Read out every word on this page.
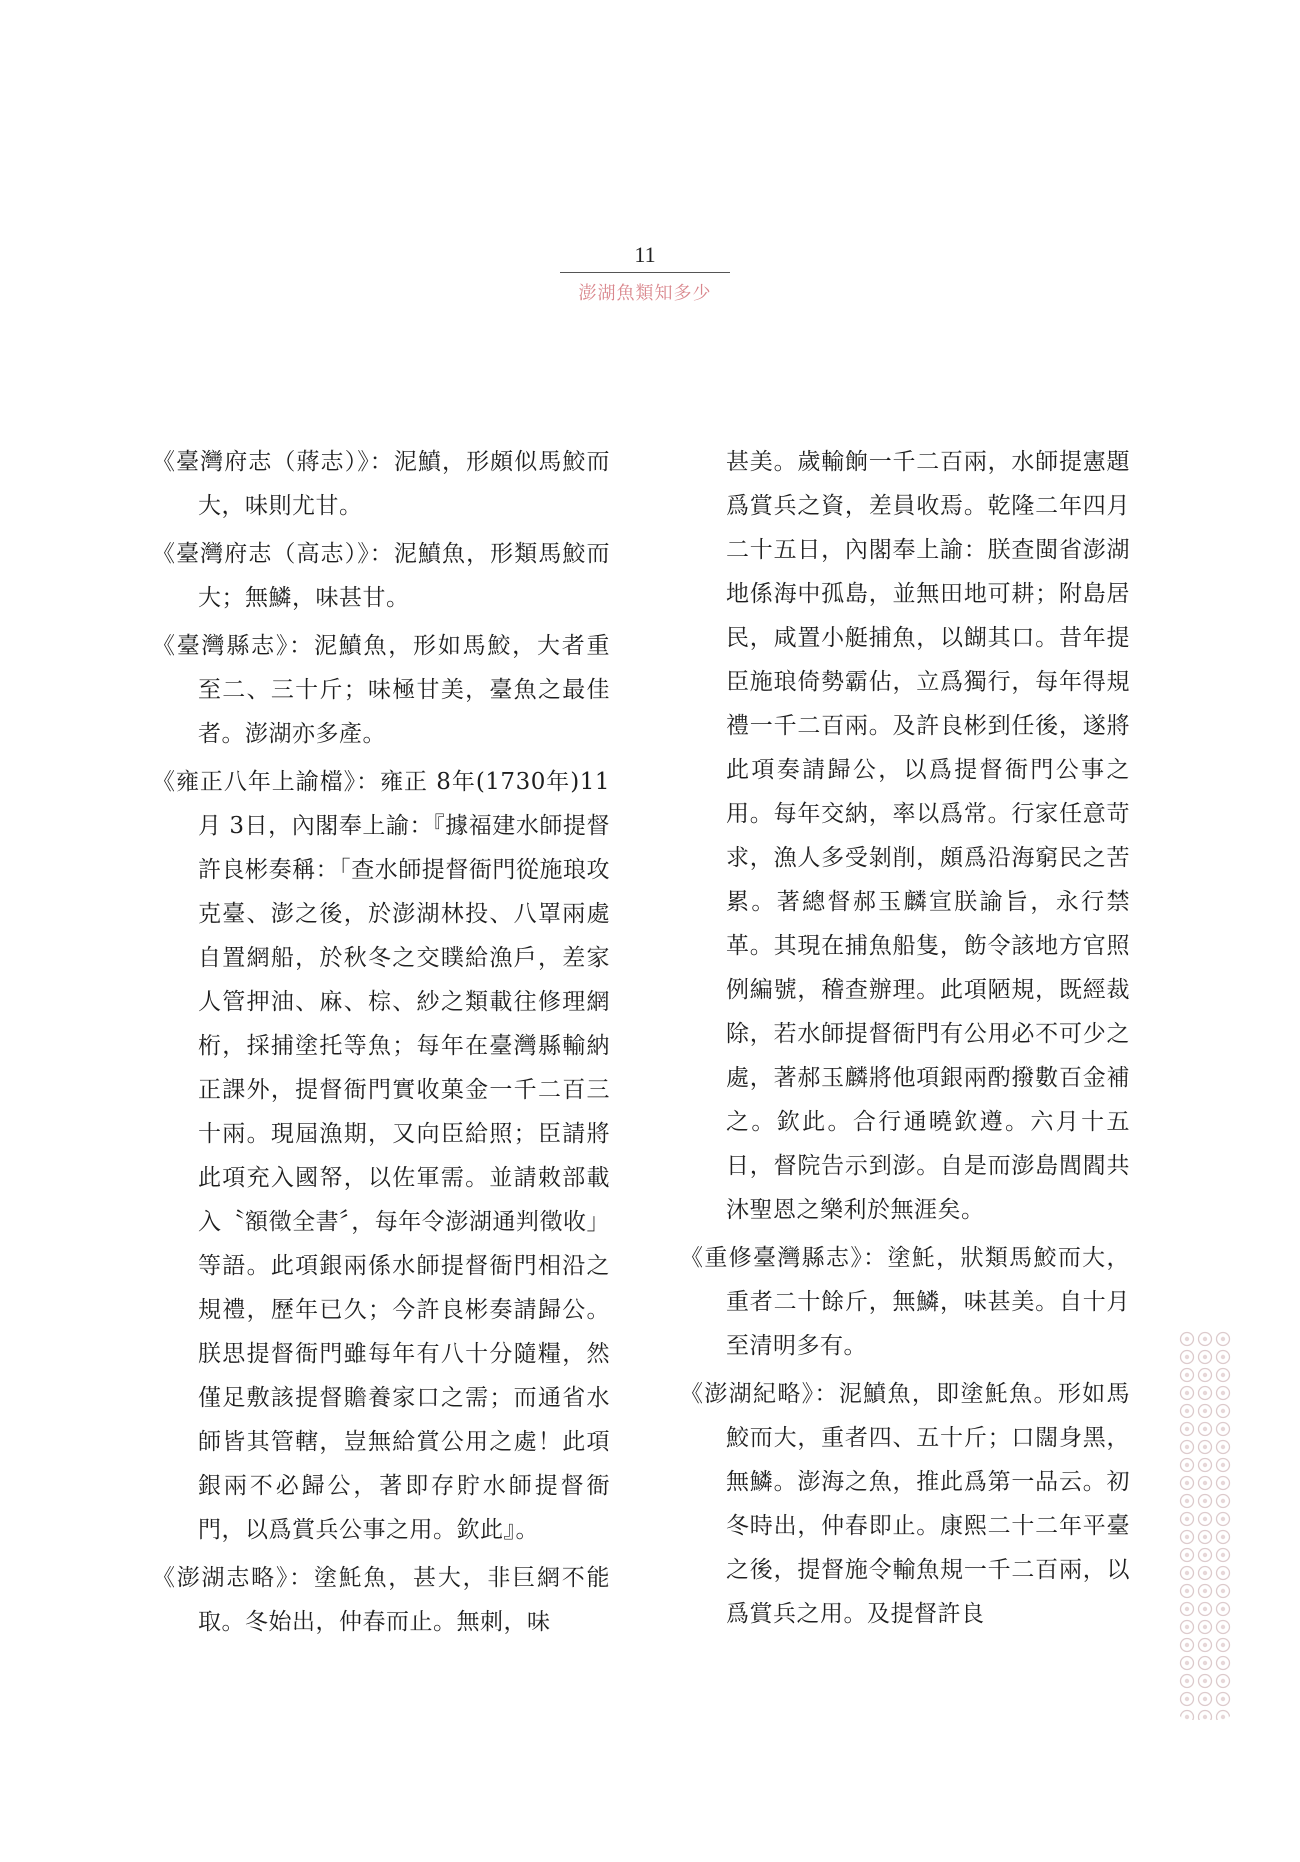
11
澎湖魚類知多少

《臺灣府志（蔣志）》：泥鱝，形頗似馬鮫而大，味則尤甘。

《臺灣府志（高志）》：泥鱝魚，形類馬鮫而大；無鱗，味甚甘。

《臺灣縣志》：泥鱝魚，形如馬鮫，大者重至二、三十斤；味極甘美，臺魚之最佳者。澎湖亦多產。

《雍正八年上諭檔》：雍正 8年(1730年)11月 3日，內閣奉上諭：『據福建水師提督許良彬奏稱：「查水師提督衙門從施琅攻克臺、澎之後，於澎湖林投、八罩兩處自置網船，於秋冬之交瞨給漁戶，差家人管押油、麻、棕、紗之類載往修理網桁，採捕塗托等魚；每年在臺灣縣輸納正課外，提督衙門實收菓金一千二百三十兩。現屆漁期，又向臣給照；臣請將此項充入國帑，以佐軍需。並請敕部載入〝額徵全書〞，每年令澎湖通判徵收」等語。此項銀兩係水師提督衙門相沿之規禮，歷年已久；今許良彬奏請歸公。朕思提督衙門雖每年有八十分隨糧，然僅足敷該提督贍養家口之需；而通省水師皆其管轄，豈無給賞公用之處！此項銀兩不必歸公，著即存貯水師提督衙門，以爲賞兵公事之用。欽此』。

《澎湖志略》：塗魠魚，甚大，非巨網不能取。冬始出，仲春而止。無刺，味

甚美。歲輸餉一千二百兩，水師提憲題爲賞兵之資，差員收焉。乾隆二年四月二十五日，內閣奉上諭：朕查閩省澎湖地係海中孤島，並無田地可耕；附島居民，咸置小艇捕魚，以餬其口。昔年提臣施琅倚勢霸佔，立爲獨行，每年得規禮一千二百兩。及許良彬到任後，遂將此項奏請歸公，以爲提督衙門公事之用。每年交納，率以爲常。行家任意苛求，漁人多受剝削，頗爲沿海窮民之苦累。著總督郝玉麟宣朕諭旨，永行禁革。其現在捕魚船隻，飭令該地方官照例編號，稽查辦理。此項陋規，既經裁除，若水師提督衙門有公用必不可少之處，著郝玉麟將他項銀兩酌撥數百金補之。欽此。合行通曉欽遵。六月十五日，督院告示到澎。自是而澎島閭閻共沐聖恩之樂利於無涯矣。

《重修臺灣縣志》：塗魠，狀類馬鮫而大，重者二十餘斤，無鱗，味甚美。自十月至清明多有。

《澎湖紀略》：泥鱝魚，即塗魠魚。形如馬鮫而大，重者四、五十斤；口闊身黑，無鱗。澎海之魚，推此爲第一品云。初冬時出，仲春即止。康熙二十二年平臺之後，提督施令輸魚規一千二百兩，以爲賞兵之用。及提督許良
